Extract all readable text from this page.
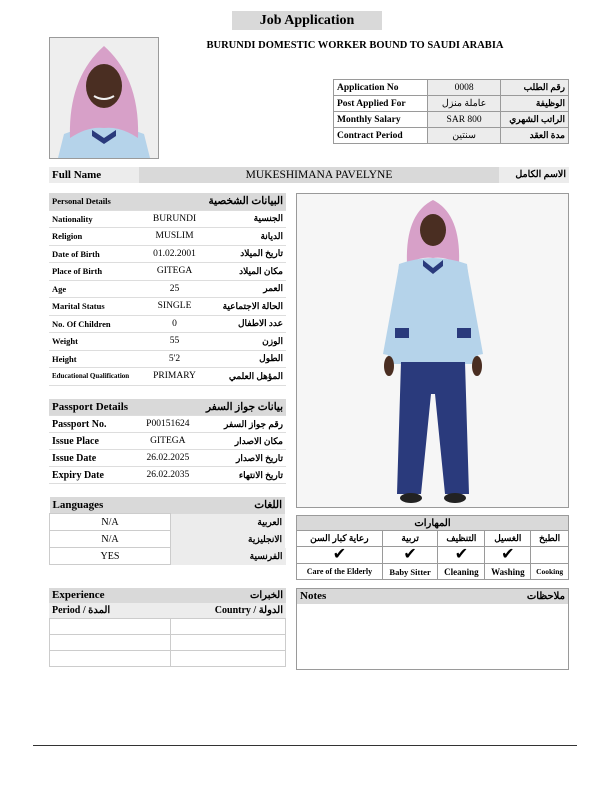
Job Application
BURUNDI DOMESTIC WORKER BOUND TO SAUDI ARABIA
Application No	0008	رقم الطلب
Post Applied For	عاملة منزل	الوظيفة
Monthly Salary	SAR 800	الراتب الشهري
Contract Period	سنتين	مدة العقد
Full Name	MUKESHIMANA PAVELYNE	الاسم الكامل
Personal Details		البيانات الشخصية
Nationality	BURUNDI	الجنسية
Religion	MUSLIM	الديانة
Date of Birth	01.02.2001	تاريخ الميلاد
Place of Birth	GITEGA	مكان الميلاد
Age	25	العمر
Marital Status	SINGLE	الحالة الاجتماعية
No. Of Children	0	عدد الاطفال
Weight	55	الوزن
Height	5'2	الطول
Educational Qualification	PRIMARY	المؤهل العلمي
Passport Details		بيانات جواز السفر
Passport No.	P00151624	رقم جواز السفر
Issue Place	GITEGA	مكان الاصدار
Issue Date	26.02.2025	تاريخ الاصدار
Expiry Date	26.02.2035	تاريخ الانتهاء
Languages	اللغات
N/A	العربية
N/A	الانجليزية
YES	الفرنسية
المهارات				
رعاية كبار السن	تربية	التنظيف	الغسيل	الطبخ
✔	✔	✔	✔	
Care of the Elderly	Baby Sitter	Cleaning	Washing	Cooking
Experience	الخبرات
Period / المدة	Country / الدولة

Notes	ملاحظات
